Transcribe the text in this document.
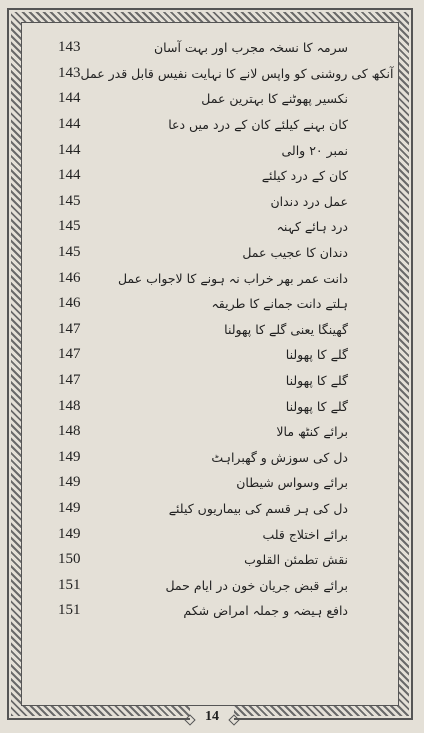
143	سرمہ کا نسخہ مجرب اور بہت آسان
143 آنکھ کی روشنی کو واپس لانے کا نہایت نفیس قابل قدر عمل
144	نکسیر پھوٹنے کا بہترین عمل
144	کان بہنے کیلئے کان کے درد میں دعا
144	نمبر ۲۰ والی
144	کان کے درد کیلئے
145	عمل درد دندان
145	درد ہائے کہنہ
145	دندان کا عجیب عمل
146	دانت عمر بھر خراب نہ ہونے کا لاجواب عمل
146	ہلتے دانت جمانے کا طریقہ
147	گھینگا یعنی گلے کا پھولنا
147	گلے کا پھولنا
147	گلے کا پھولنا
148	گلے کا پھولنا
148	برائے کنٹھ مالا
149	دل کی سوزش و گھبراہٹ
149	برائے وسواس شیطان
149	دل کی ہر قسم کی بیماریوں کیلئے
149	برائے اختلاج قلب
150	نقش تطمئن القلوب
151	برائے قبض جریان خون در ایام حمل
151	دافع ہیضہ و جملہ امراض شکم
14
